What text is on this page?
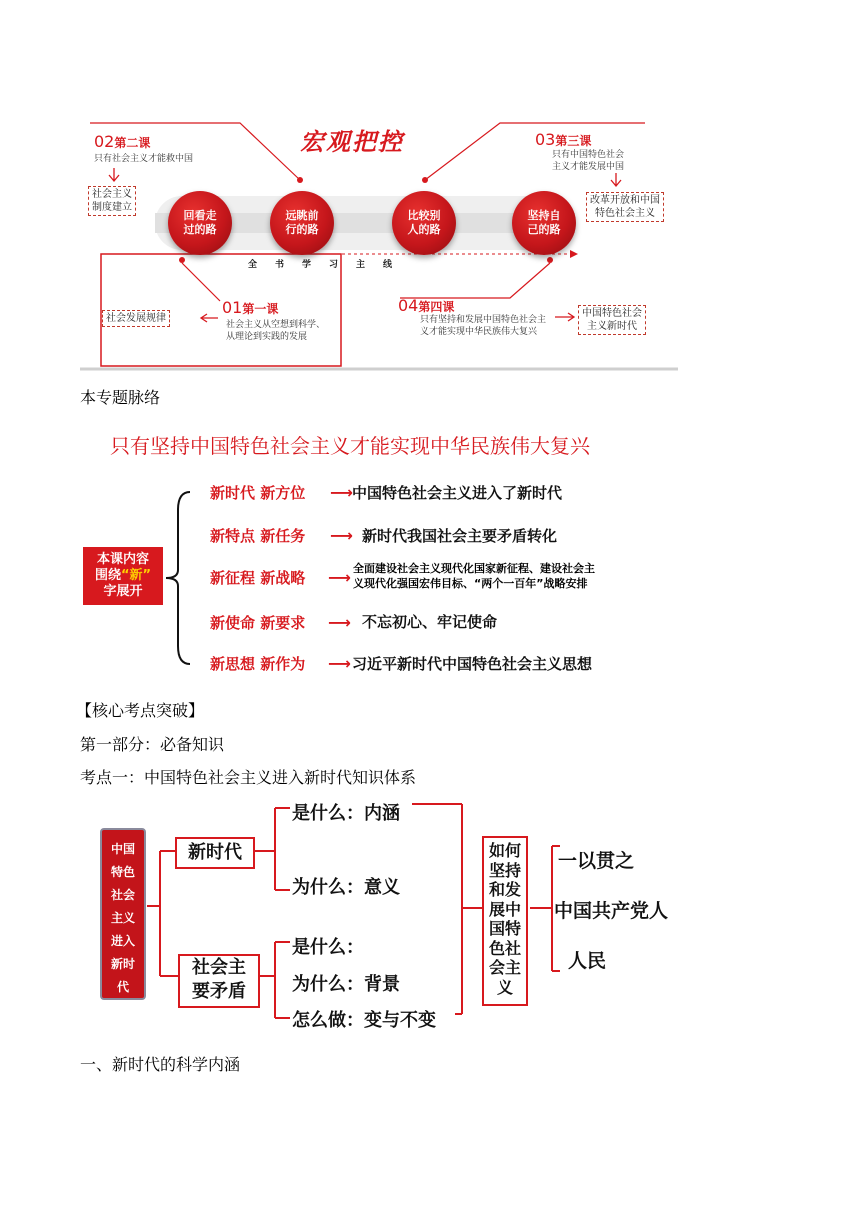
宏观把控
回看走
过的路
远眺前
行的路
比较别
人的路
坚持自
己的路
全　　书　　学　　习　　主　　线
02第二课
只有社会主义才能救中国
社会主义
制度建立
03第三课
只有中国特色社会
主义才能发展中国
改革开放和中国
特色社会主义
01第一课
社会主义从空想到科学、
从理论到实践的发展
社会发展规律
04第四课
只有坚持和发展中国特色社会主
义才能实现中华民族伟大复兴
中国特色社会
主义新时代
本专题脉络
只有坚持中国特色社会主义才能实现中华民族伟大复兴
本课内容
围绕“新”
字展开
新时代 新方位 ⟶ 中国特色社会主义进入了新时代
新特点 新任务 ⟶ 新时代我国社会主要矛盾转化
新征程 新战略 ⟶ 全面建设社会主义现代化国家新征程、建设社会主
义现代化强国宏伟目标、“两个一百年”战略安排
新使命 新要求 ⟶ 不忘初心、牢记使命
新思想 新作为 ⟶ 习近平新时代中国特色社会主义思想
【核心考点突破】
第一部分：必备知识
考点一：中国特色社会主义进入新时代知识体系
中国
特色
社会
主义
进入
新时
代
新时代
社会主
要矛盾
是什么：内涵
为什么：意义
是什么：
为什么：背景
怎么做：变与不变
如何
坚持
和发
展中
国特
色社
会主
义
一以贯之
中国共产党人
人民
一、新时代的科学内涵
